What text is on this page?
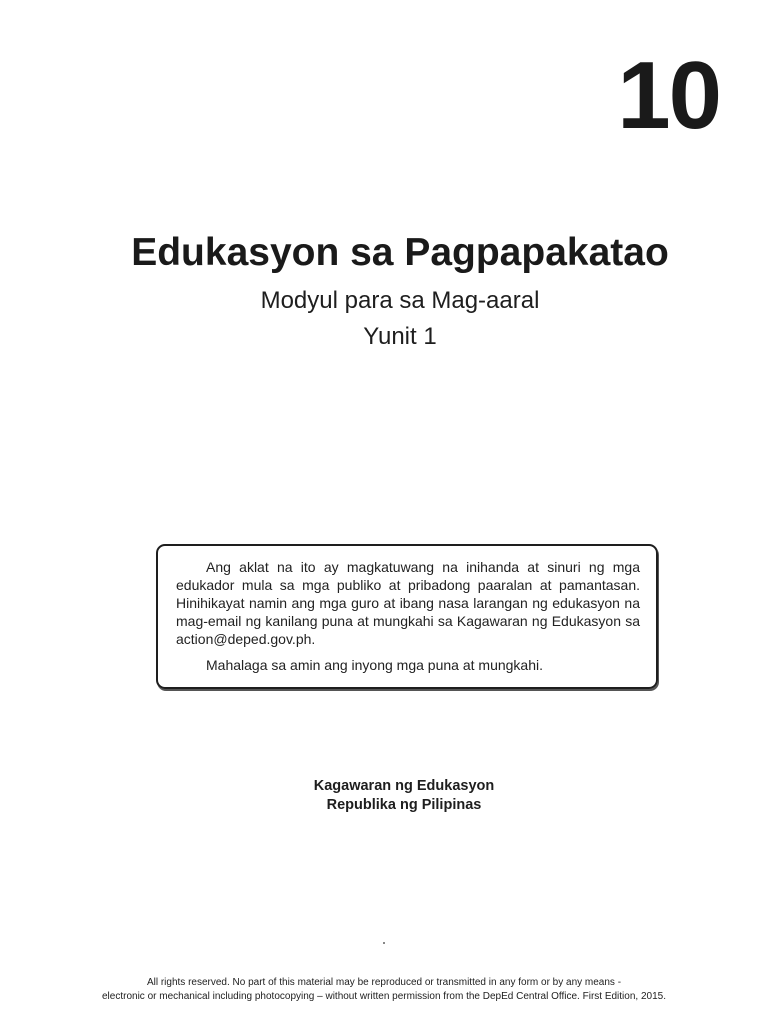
10
Edukasyon sa Pagpapakatao
Modyul para sa Mag-aaral
Yunit 1

Ang aklat na ito ay magkatuwang na inihanda at sinuri ng mga edukador mula sa mga publiko at pribadong paaralan at pamantasan. Hinihikayat namin ang mga guro at ibang nasa larangan ng edukasyon na mag-email ng kanilang puna at mungkahi sa Kagawaran ng Edukasyon sa action@deped.gov.ph.

Mahalaga sa amin ang inyong mga puna at mungkahi.

Kagawaran ng Edukasyon
Republika ng Pilipinas
All rights reserved. No part of this material may be reproduced or transmitted in any form or by any means -
electronic or mechanical including photocopying – without written permission from the DepEd Central Office. First Edition, 2015.
